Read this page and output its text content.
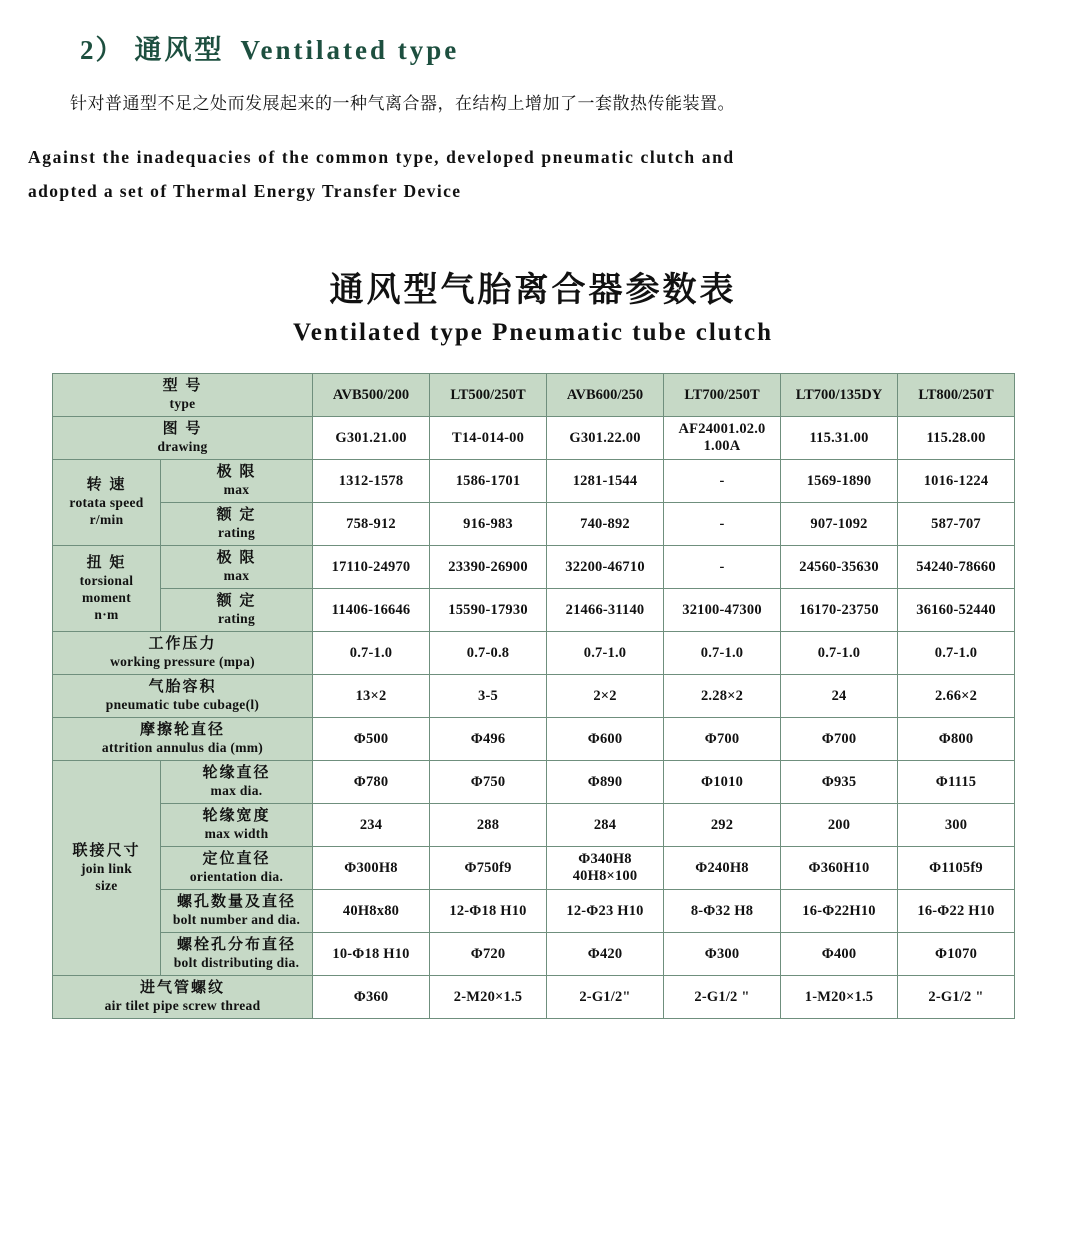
2） 通风型 Ventilated type
针对普通型不足之处而发展起来的一种气离合器，在结构上增加了一套散热传能装置。
Against the inadequacies of the common type, developed pneumatic clutch and
adopted a set of Thermal Energy Transfer Device
通风型气胎离合器参数表
Ventilated type Pneumatic tube clutch
型 号
type		AVB500/200	LT500/250T	AVB600/250	LT700/250T	LT700/135DY	LT800/250T

图 号
drawing		G301.21.00	T14-014-00	G301.22.00	AF24001.02.0
1.00A	115.31.00	115.28.00

转 速
rotata speed
r/min	极 限
max	1312-1578	1586-1701	1281-1544	-	1569-1890	1016-1224

	额 定
rating	758-912	916-983	740-892	-	907-1092	587-707

扭 矩
torsional moment
n·m	极 限
max	17110-24970	23390-26900	32200-46710	-	24560-35630	54240-78660

	额 定
rating	11406-16646	15590-17930	21466-31140	32100-47300	16170-23750	36160-52440

工作压力
working pressure (mpa)		0.7-1.0	0.7-0.8	0.7-1.0	0.7-1.0	0.7-1.0	0.7-1.0

气胎容积
pneumatic tube cubage(l)		13×2	3-5	2×2	2.28×2	24	2.66×2

摩擦轮直径
attrition annulus dia (mm)		Φ500	Φ496	Φ600	Φ700	Φ700	Φ800

联接尺寸
join link
size	轮缘直径
max dia.	Φ780	Φ750	Φ890	Φ1010	Φ935	Φ1115

	轮缘宽度
max width	234	288	284	292	200	300

	定位直径
orientation dia.	Φ300H8	Φ750f9	Φ340H8
40H8×100	Φ240H8	Φ360H10	Φ1105f9

	螺孔数量及直径
bolt number and dia.	40H8x80	12-Φ18 H10	12-Φ23 H10	8-Φ32 H8	16-Φ22H10	16-Φ22 H10

	螺栓孔分布直径
bolt distributing dia.	10-Φ18 H10	Φ720	Φ420	Φ300	Φ400	Φ1070

进气管螺纹
air tilet pipe screw thread		Φ360	2-M20×1.5	2-G1/2"	2-G1/2 "	1-M20×1.5	2-G1/2 "
